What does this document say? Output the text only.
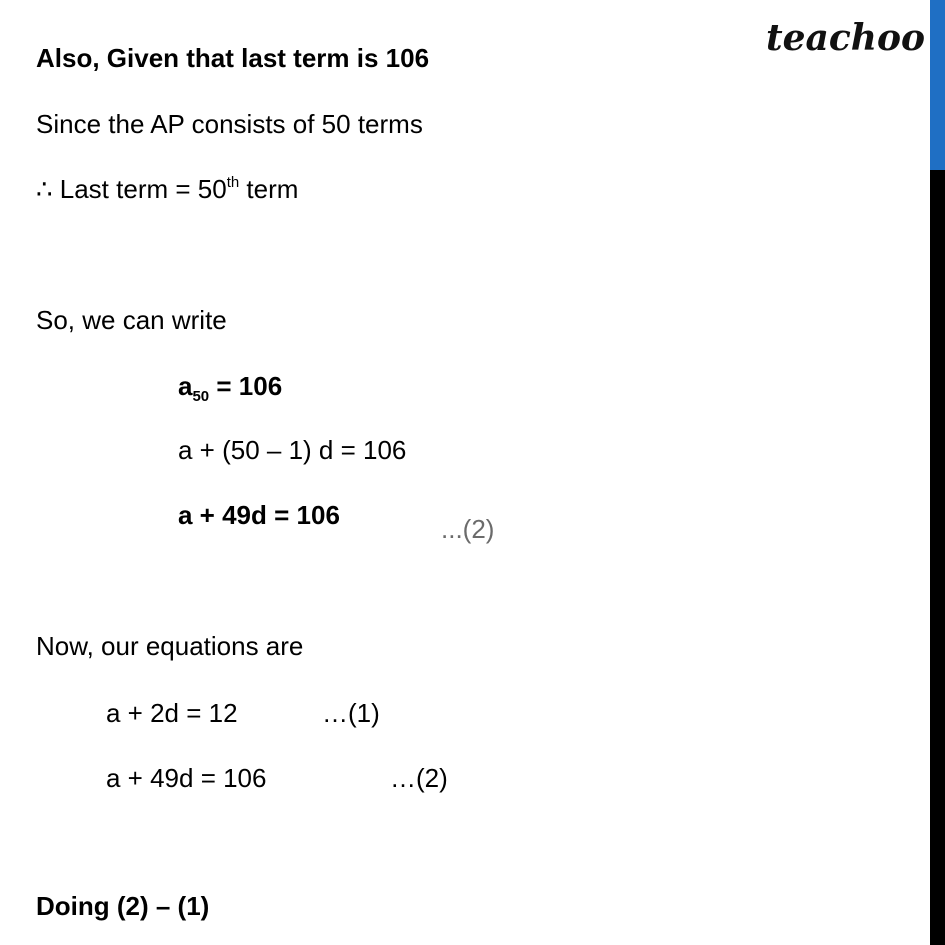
teachoo
Also, Given that last term is 106
Since the AP consists of 50 terms
∴ Last term = 50th term
So, we can write
$a_{50} = 106$
a + (50 – 1) d = 106
a + 49d = 106	...(2)
Now, our equations are
a + 2d = 12	…(1)
a + 49d = 106	…(2)
Doing (2) – (1)
